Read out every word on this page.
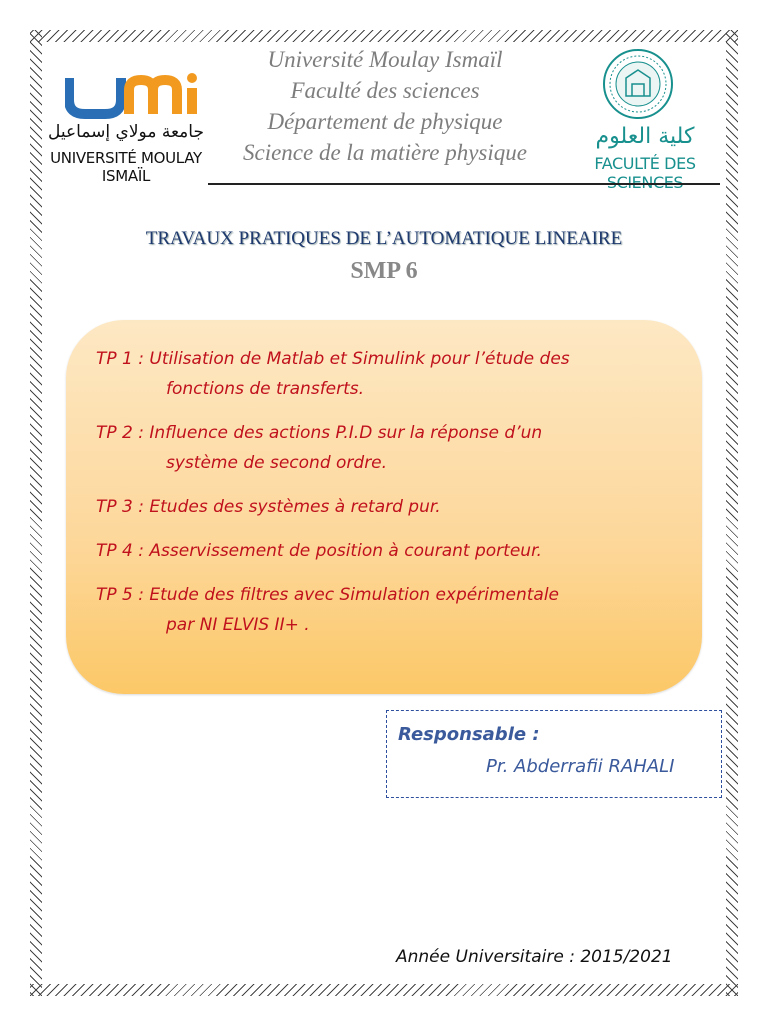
جامعة مولاي إسماعيل
UNIVERSITÉ MOULAY ISMAÏL
Université Moulay Ismaïl
Faculté des sciences
Département de physique
Science de la matière physique
كلية العلوم
FACULTÉ DES
TRAVAUX PRATIQUES DE L’AUTOMATIQUE LINEAIRE
SMP 6
TP 1 : Utilisation de Matlab et Simulink pour l’étude des
fonctions de transferts.
TP 2 : Influence des actions P.I.D sur la réponse d’un
système de second ordre.
TP 3 : Etudes des systèmes à retard pur.
TP 4 : Asservissement de position à courant porteur.
TP 5 : Etude des filtres avec Simulation expérimentale
par NI ELVIS II+ .
Responsable :
Pr. Abderrafii RAHALI
Année Universitaire : 2015/2021
